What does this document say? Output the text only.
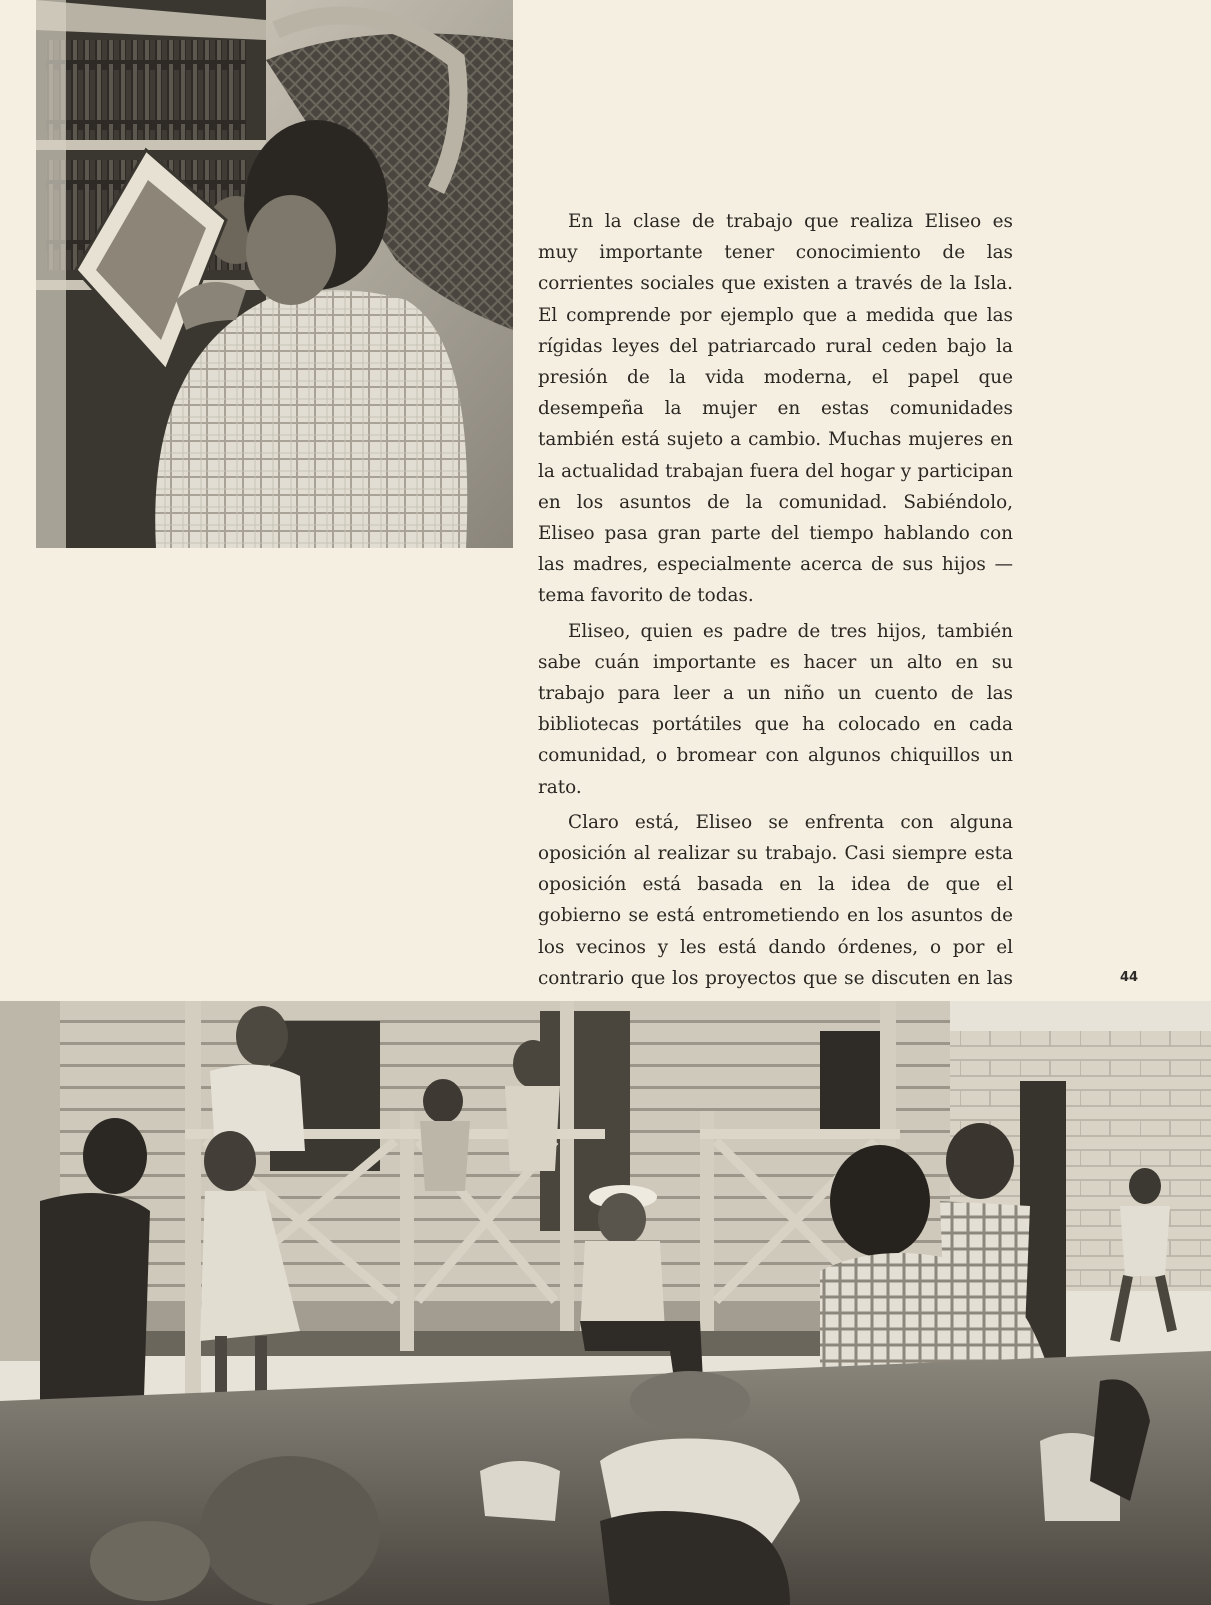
En la clase de trabajo que realiza Eliseo es muy importante tener conocimiento de las corrientes sociales que existen a través de la Isla. El comprende por ejemplo que a medida que las rígidas leyes del patriarcado rural ceden bajo la presión de la vida moderna, el papel que desempeña la mujer en estas comunidades también está sujeto a cambio. Muchas mujeres en la actualidad trabajan fuera del hogar y participan en los asuntos de la comunidad. Sabiéndolo, Eliseo pasa gran parte del tiempo hablando con las madres, especialmente acerca de sus hijos — tema favorito de todas.

Eliseo, quien es padre de tres hijos, también sabe cuán importante es hacer un alto en su trabajo para leer a un niño un cuento de las bibliotecas portátiles que ha colocado en cada comunidad, o bromear con algunos chiquillos un rato.

Claro está, Eliseo se enfrenta con alguna oposición al realizar su trabajo. Casi siempre esta oposición está basada en la idea de que el gobierno se está entrometiendo en los asuntos de los vecinos y les está dando órdenes, o por el contrario que los proyectos que se discuten en las	44
